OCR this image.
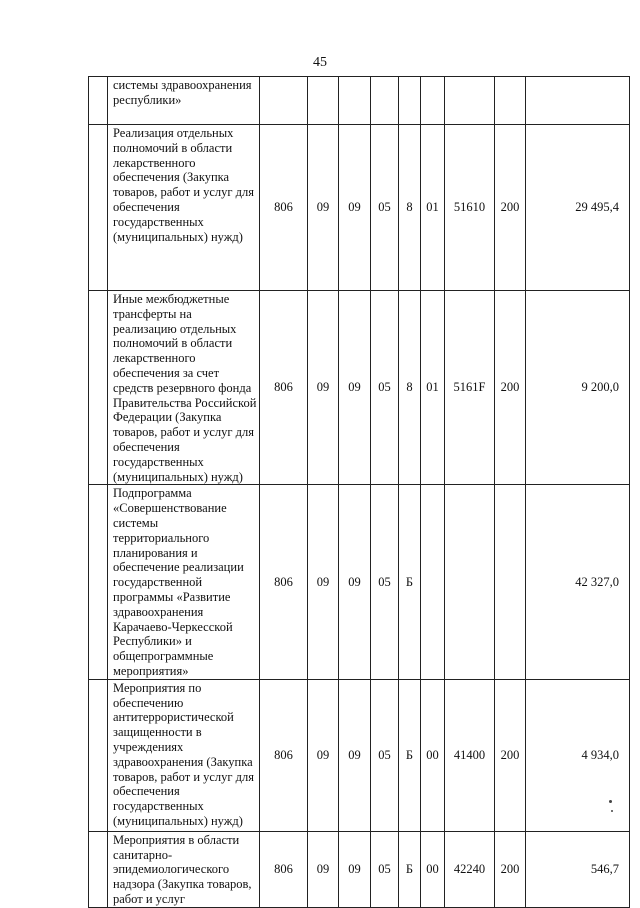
45
	системы здравоохранения республики»									
	Реализация отдельных полномочий в области лекарственного обеспечения (Закупка товаров, работ и услуг для обеспечения государственных (муниципальных) нужд)	806	09	09	05	8	01	51610	200	29 495,4
	Иные межбюджетные трансферты на реализацию отдельных полномочий в области лекарственного обеспечения за счет средств резервного фонда Правительства Российской Федерации (Закупка товаров, работ и услуг для обеспечения государственных (муниципальных) нужд)	806	09	09	05	8	01	5161F	200	9 200,0
	Подпрограмма «Совершенствование системы территориального планирования и обеспечение реализации государственной программы «Развитие здравоохранения Карачаево-Черкесской Республики» и общепрограммные мероприятия»	806	09	09	05	Б				42 327,0
	Мероприятия по обеспечению антитеррористической защищенности в учреждениях здравоохранения (Закупка товаров, работ и услуг для обеспечения государственных (муниципальных) нужд)	806	09	09	05	Б	00	41400	200	4 934,0
	Мероприятия в области санитарно-эпидемиологического надзора (Закупка товаров, работ и услуг	806	09	09	05	Б	00	42240	200	546,7
